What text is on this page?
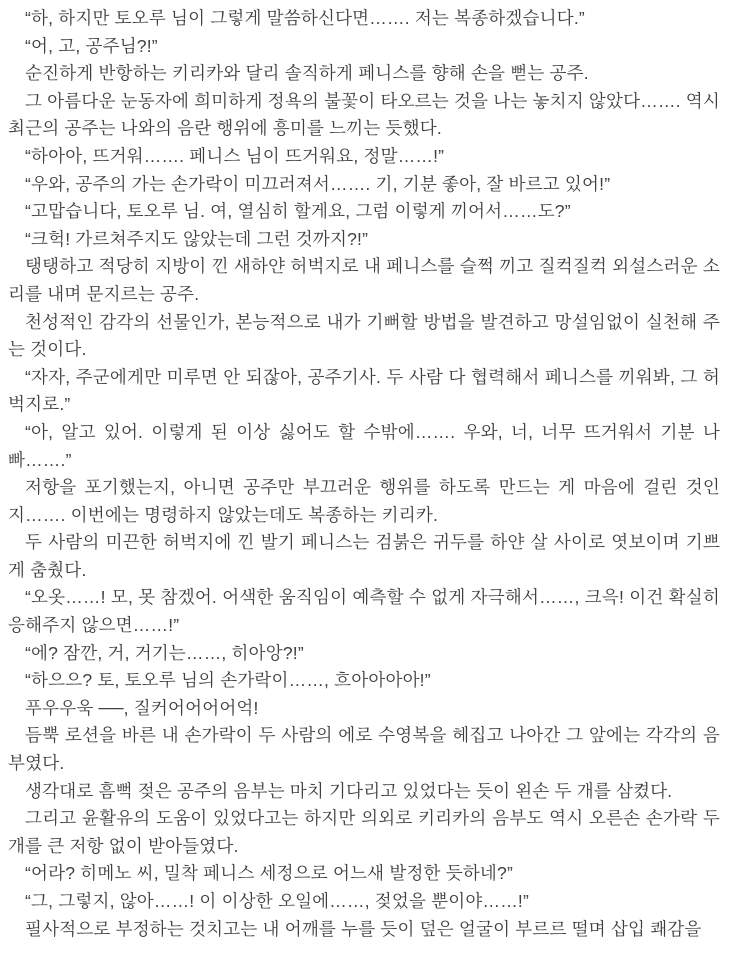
“하, 하지만 토오루 님이 그렇게 말씀하신다면……. 저는 복종하겠습니다.”

“어, 고, 공주님?!”

순진하게 반항하는 키리카와 달리 솔직하게 페니스를 향해 손을 뻗는 공주.

그 아름다운 눈동자에 희미하게 정욕의 불꽃이 타오르는 것을 나는 놓치지 않았다……. 역시 최근의 공주는 나와의 음란 행위에 흥미를 느끼는 듯했다.

“하아아, 뜨거워……. 페니스 님이 뜨거워요, 정말……!”

“우와, 공주의 가는 손가락이 미끄러져서……. 기, 기분 좋아, 잘 바르고 있어!”

“고맙습니다, 토오루 님. 여, 열심히 할게요, 그럼 이렇게 끼어서……도?”

“크헉! 가르쳐주지도 않았는데 그런 것까지?!”

탱탱하고 적당히 지방이 낀 새하얀 허벅지로 내 페니스를 슬쩍 끼고 질컥질컥 외설스러운 소리를 내며 문지르는 공주.

천성적인 감각의 선물인가, 본능적으로 내가 기뻐할 방법을 발견하고 망설임없이 실천해 주는 것이다.

“자자, 주군에게만 미루면 안 되잖아, 공주기사. 두 사람 다 협력해서 페니스를 끼워봐, 그 허벅지로.”

“아, 알고 있어. 이렇게 된 이상 싫어도 할 수밖에……. 우와, 너, 너무 뜨거워서 기분 나빠…….”

저항을 포기했는지, 아니면 공주만 부끄러운 행위를 하도록 만드는 게 마음에 걸린 것인지……. 이번에는 명령하지 않았는데도 복종하는 키리카.

두 사람의 미끈한 허벅지에 낀 발기 페니스는 검붉은 귀두를 하얀 살 사이로 엿보이며 기쁘게 춤췄다.

“오옷……! 모, 못 참겠어. 어색한 움직임이 예측할 수 없게 자극해서……, 크윽! 이건 확실히 응해주지 않으면……!”

“에? 잠깐, 거, 거기는……, 히아앙?!”

“하으으? 토, 토오루 님의 손가락이……, 흐아아아아!”

푸우우욱 ──, 질커어어어어억!

듬뿍 로션을 바른 내 손가락이 두 사람의 에로 수영복을 헤집고 나아간 그 앞에는 각각의 음부였다.

생각대로 흠뻑 젖은 공주의 음부는 마치 기다리고 있었다는 듯이 왼손 두 개를 삼켰다.

그리고 윤활유의 도움이 있었다고는 하지만 의외로 키리카의 음부도 역시 오른손 손가락 두 개를 큰 저항 없이 받아들였다.

“어라? 히메노 씨, 밀착 페니스 세정으로 어느새 발정한 듯하네?”

“그, 그렇지, 않아……! 이 이상한 오일에……, 젖었을 뿐이야……!”

필사적으로 부정하는 것치고는 내 어깨를 누를 듯이 덮은 얼굴이 부르르 떨며 삽입 쾌감을
